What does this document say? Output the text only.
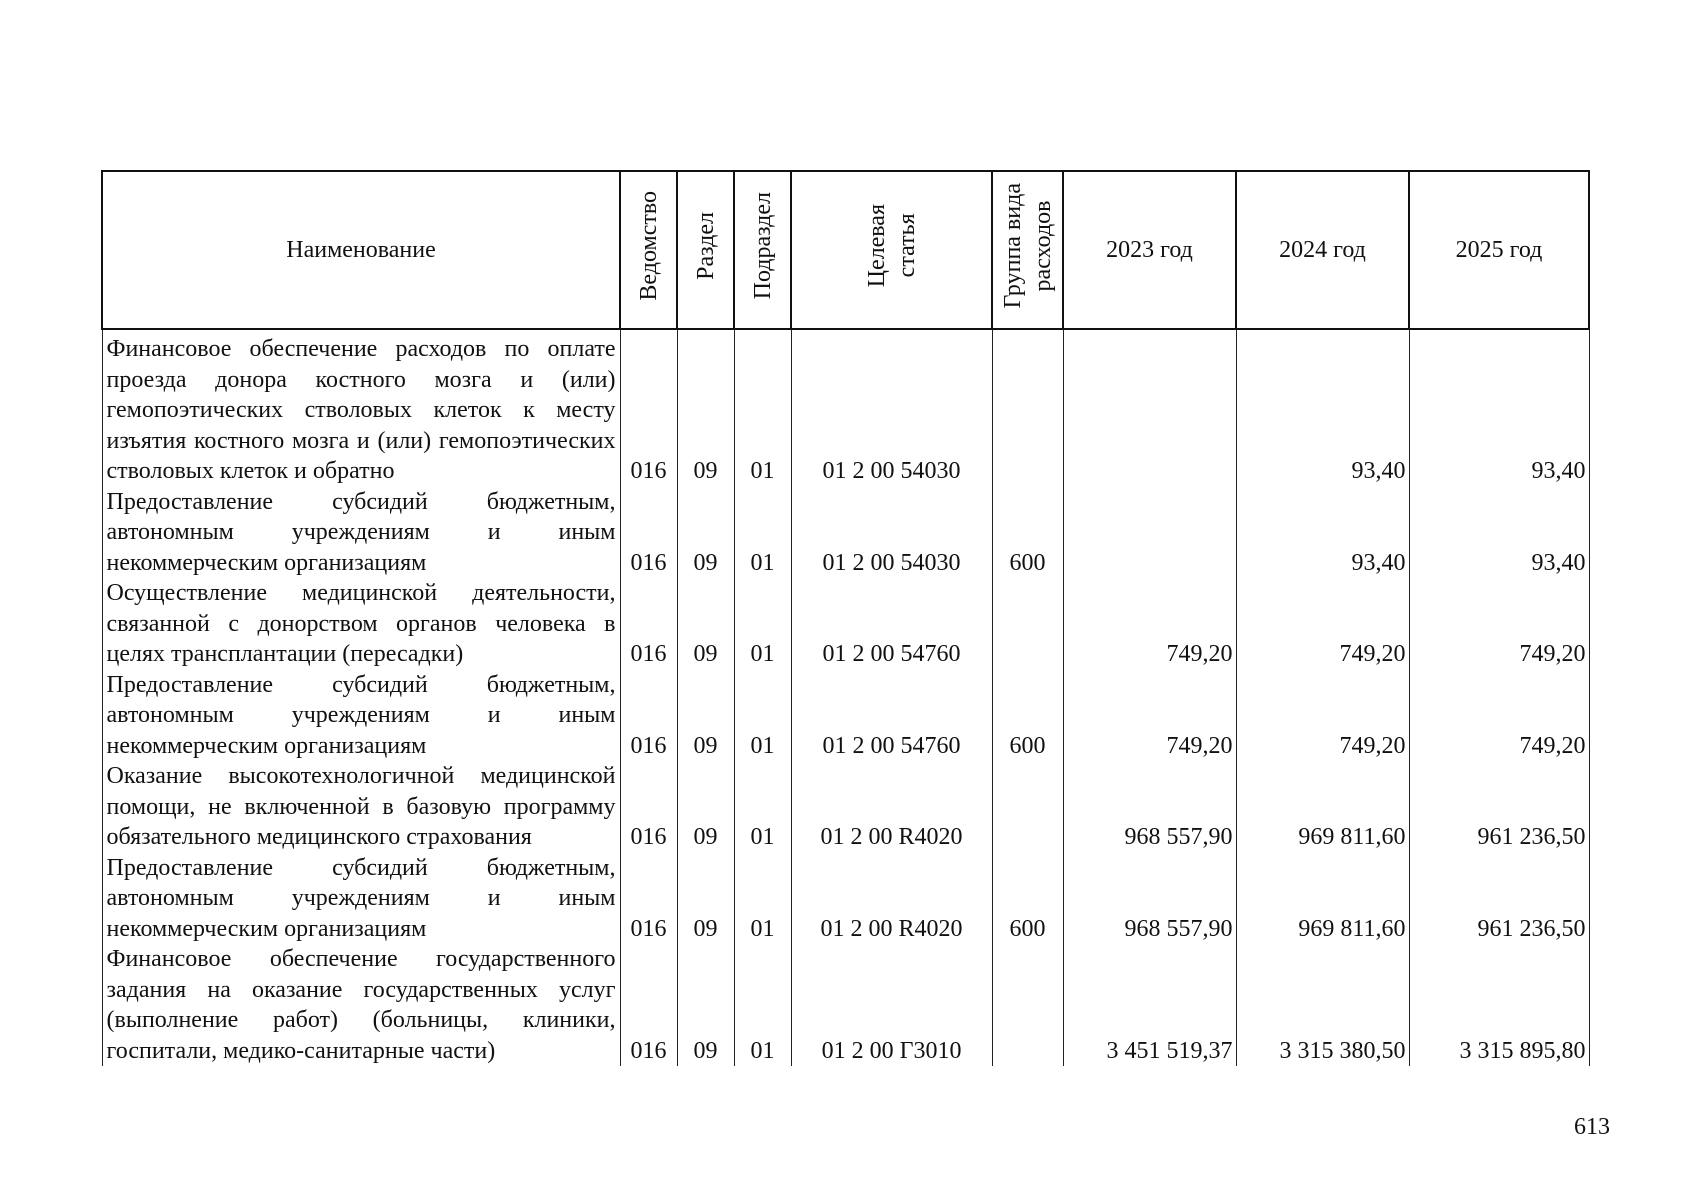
Наименование	Ведомство	Раздел	Подраздел	Целевая статья	Группа вида расходов	2023 год	2024 год	2025 год
Финансовое обеспечение расходов по оплате проезда донора костного мозга и (или) гемопоэтических стволовых клеток к месту изъятия костного мозга и (или) гемопоэтических стволовых клеток и обратно	016	09	01	01 2 00 54030			93,40	93,40
Предоставление субсидий бюджетным, автономным учреждениям и иным некоммерческим организациям	016	09	01	01 2 00 54030	600		93,40	93,40
Осуществление медицинской деятельности, связанной с донорством органов человека в целях трансплантации (пересадки)	016	09	01	01 2 00 54760		749,20	749,20	749,20
Предоставление субсидий бюджетным, автономным учреждениям и иным некоммерческим организациям	016	09	01	01 2 00 54760	600	749,20	749,20	749,20
Оказание высокотехнологичной медицинской помощи, не включенной в базовую программу обязательного медицинского страхования	016	09	01	01 2 00 R4020		968 557,90	969 811,60	961 236,50
Предоставление субсидий бюджетным, автономным учреждениям и иным некоммерческим организациям	016	09	01	01 2 00 R4020	600	968 557,90	969 811,60	961 236,50
Финансовое обеспечение государственного задания на оказание государственных услуг (выполнение работ) (больницы, клиники, госпитали, медико-санитарные части)	016	09	01	01 2 00 Г3010		3 451 519,37	3 315 380,50	3 315 895,80
613
